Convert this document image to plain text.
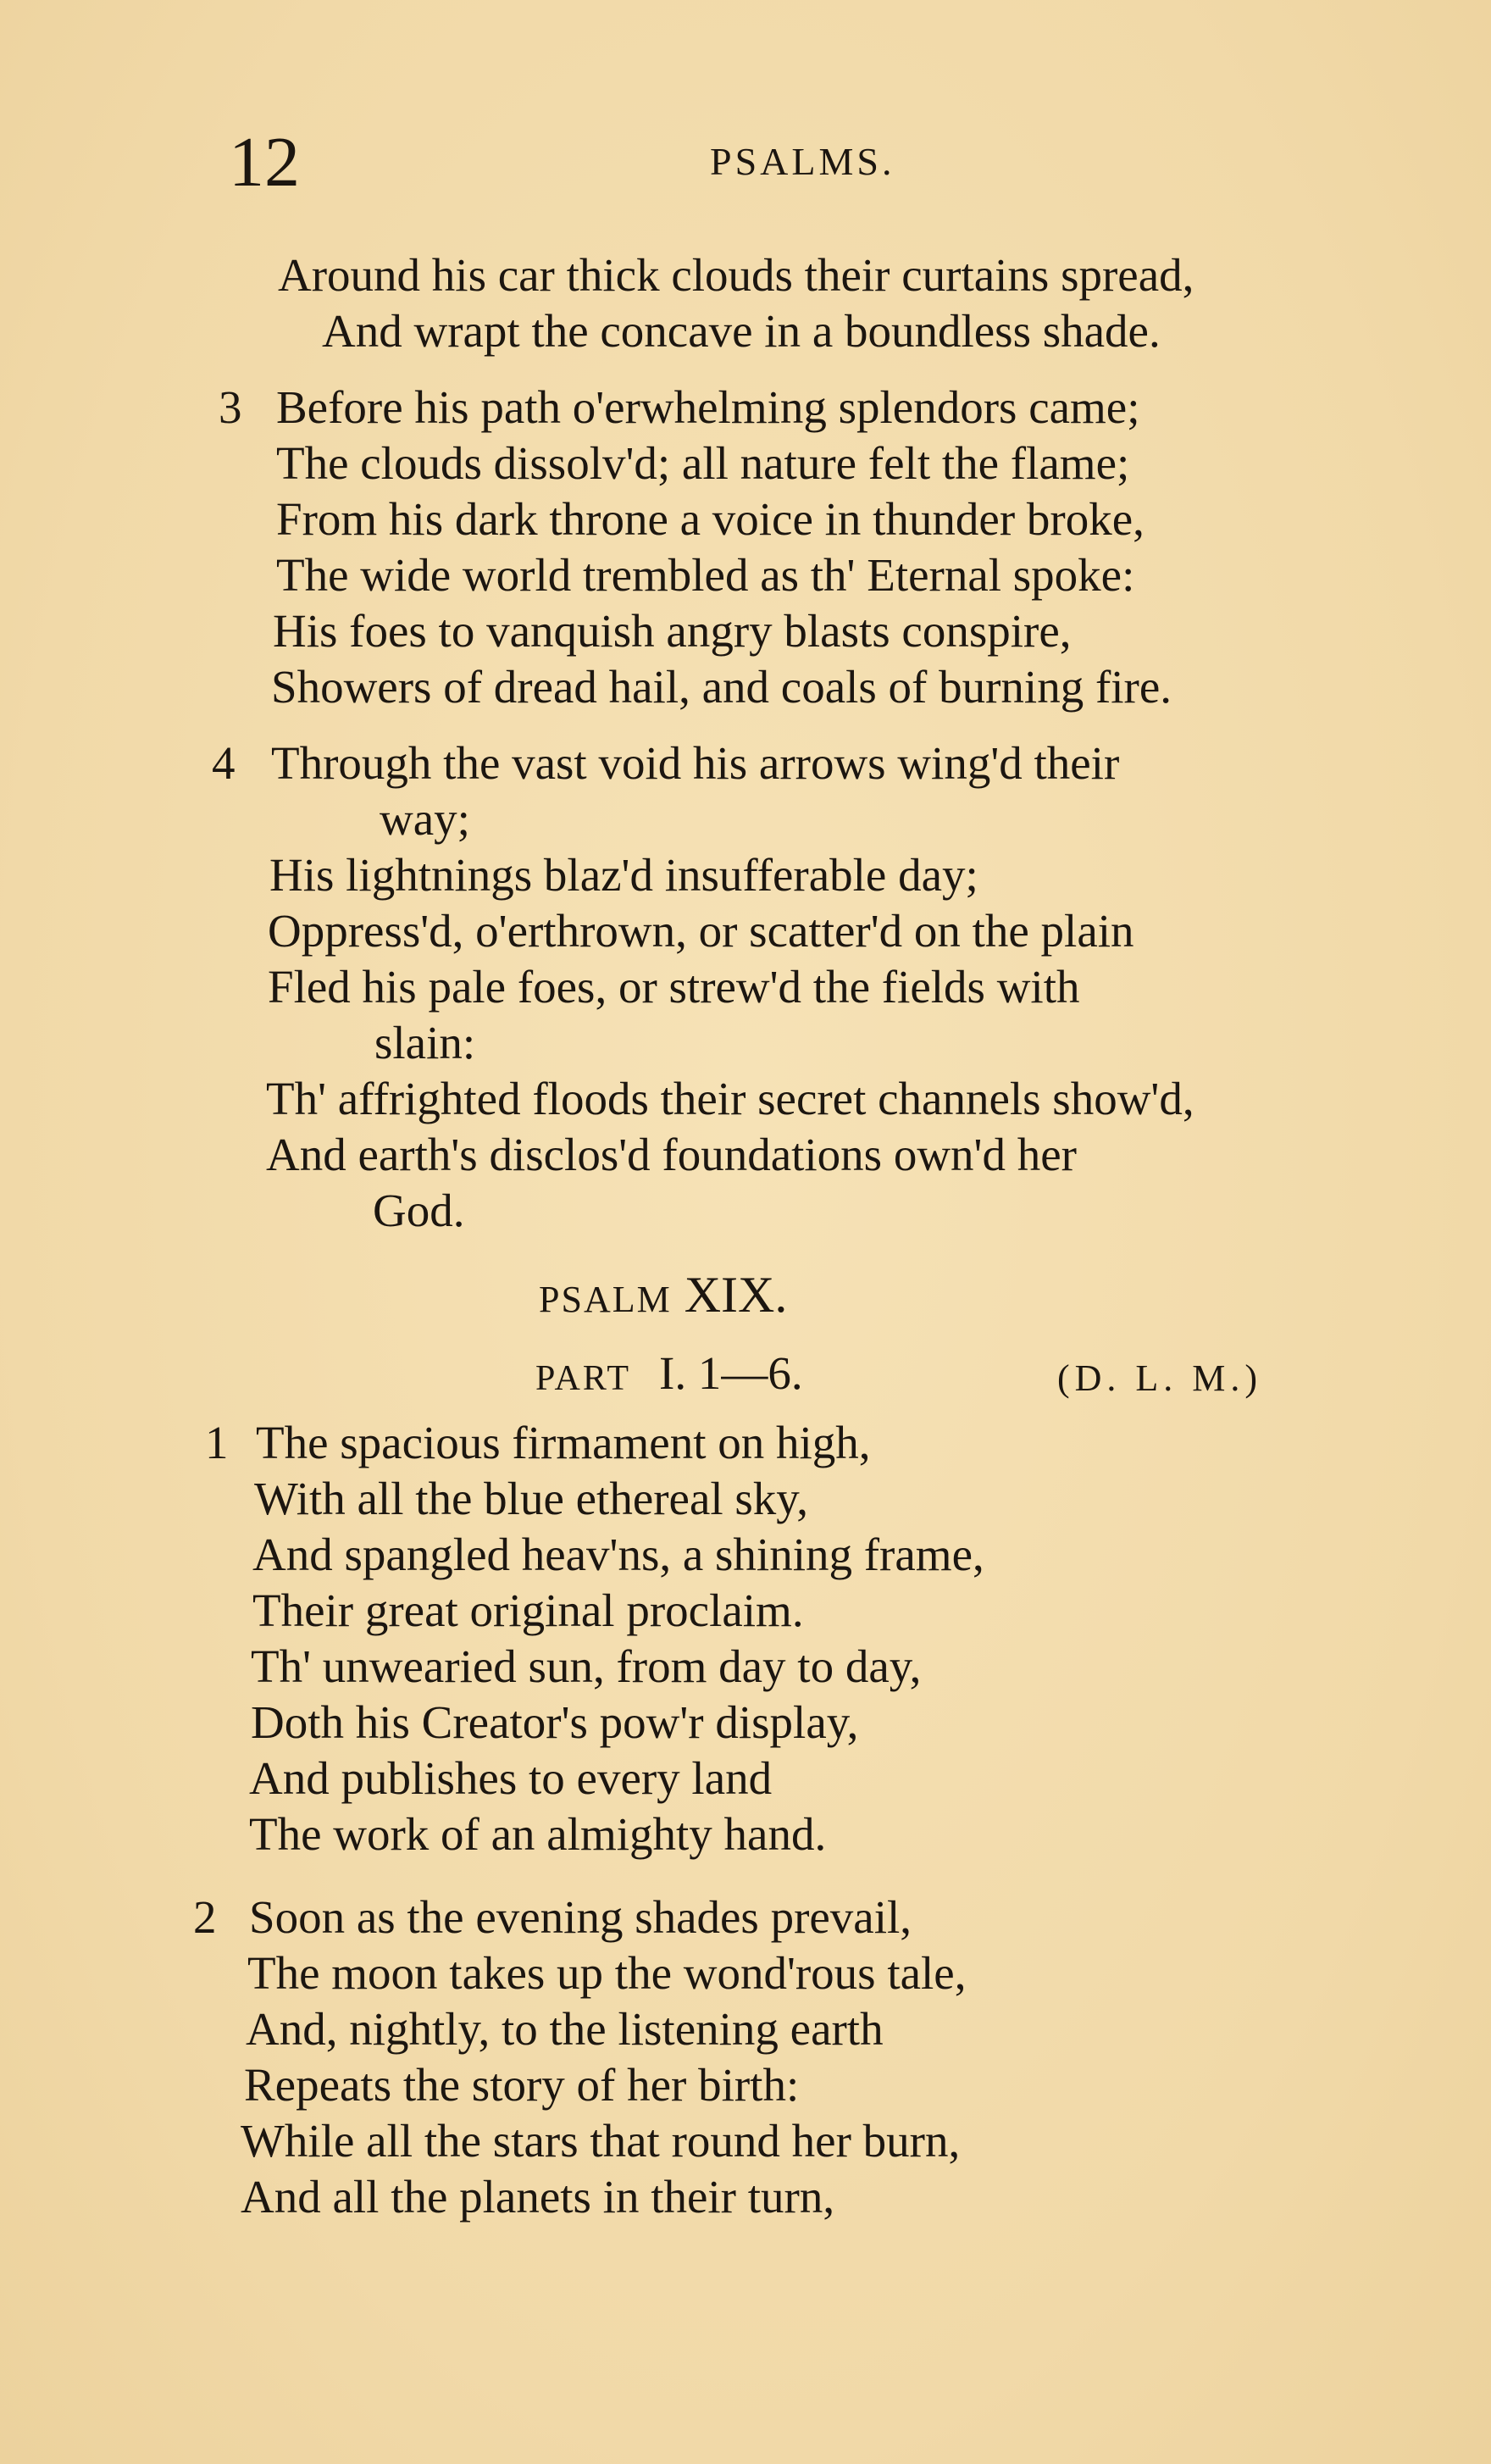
12	PSALMS.
Around his car thick clouds their curtains spread,
And wrapt the concave in a boundless shade.
3 Before his path o'erwhelming splendors came;
The clouds dissolv'd; all nature felt the flame;
From his dark throne a voice in thunder broke,
The wide world trembled as th' Eternal spoke:
His foes to vanquish angry blasts conspire,
Showers of dread hail, and coals of burning fire.
4 Through the vast void his arrows wing'd their
way;
His lightnings blaz'd insufferable day;
Oppress'd, o'erthrown, or scatter'd on the plain
Fled his pale foes, or strew'd the fields with
slain:
Th' affrighted floods their secret channels show'd,
And earth's disclos'd foundations own'd her
God.
PSALM XIX.
PART I. 1—6.	(D. L. M.)
1 The spacious firmament on high,
With all the blue ethereal sky,
And spangled heav'ns, a shining frame,
Their great original proclaim.
Th' unwearied sun, from day to day,
Doth his Creator's pow'r display,
And publishes to every land
The work of an almighty hand.
2 Soon as the evening shades prevail,
The moon takes up the wond'rous tale,
And, nightly, to the listening earth
Repeats the story of her birth:
While all the stars that round her burn,
And all the planets in their turn,
